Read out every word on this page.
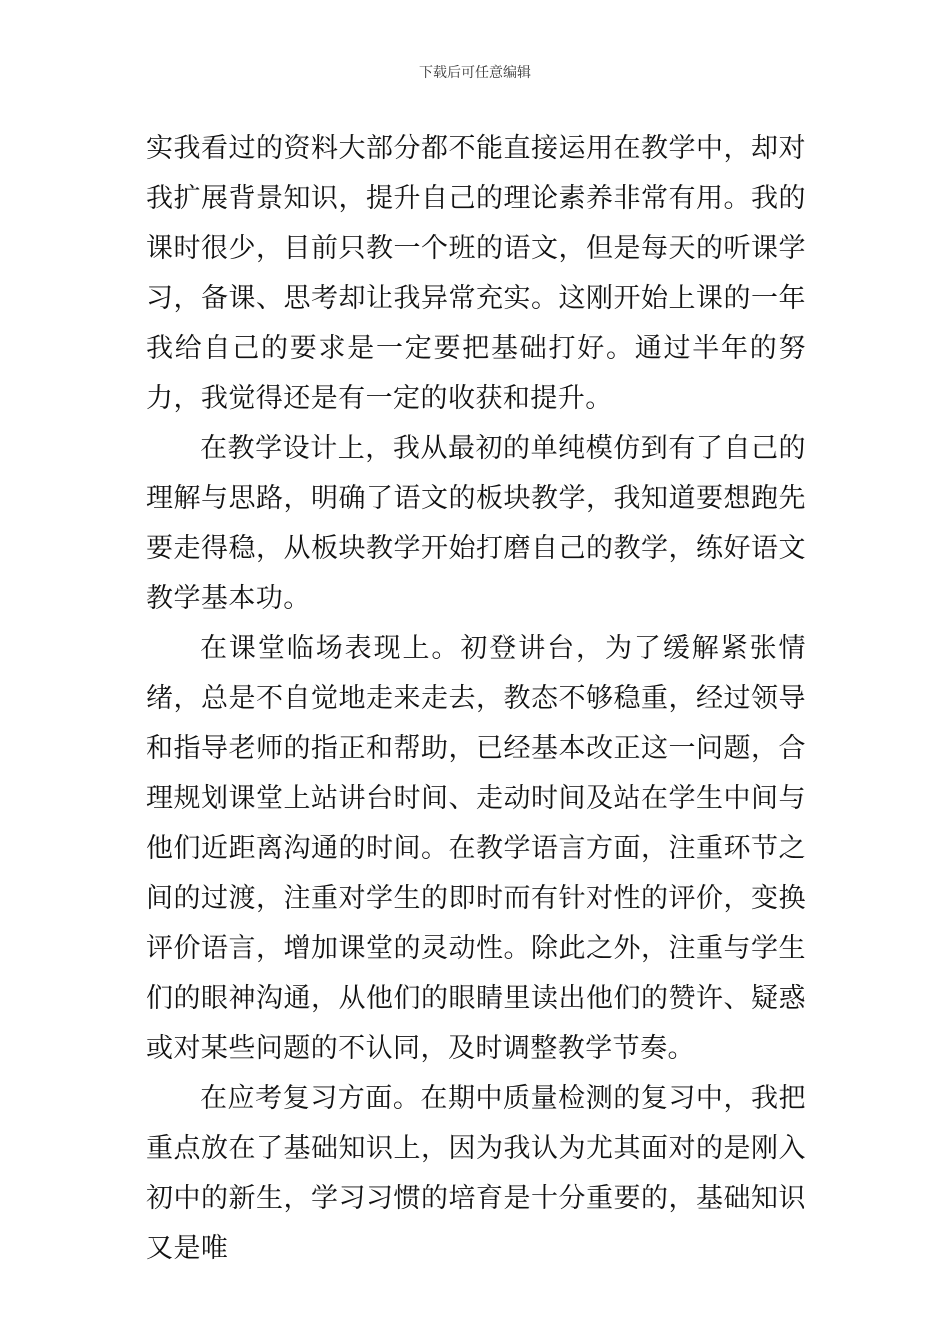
下载后可任意编辑

实我看过的资料大部分都不能直接运用在教学中，却对我扩展背景知识，提升自己的理论素养非常有用。我的课时很少，目前只教一个班的语文，但是每天的听课学习，备课、思考却让我异常充实。这刚开始上课的一年我给自己的要求是一定要把基础打好。通过半年的努力，我觉得还是有一定的收获和提升。

在教学设计上，我从最初的单纯模仿到有了自己的理解与思路，明确了语文的板块教学，我知道要想跑先要走得稳，从板块教学开始打磨自己的教学，练好语文教学基本功。

在课堂临场表现上。初登讲台，为了缓解紧张情绪，总是不自觉地走来走去，教态不够稳重，经过领导和指导老师的指正和帮助，已经基本改正这一问题，合理规划课堂上站讲台时间、走动时间及站在学生中间与他们近距离沟通的时间。在教学语言方面，注重环节之间的过渡，注重对学生的即时而有针对性的评价，变换评价语言，增加课堂的灵动性。除此之外，注重与学生们的眼神沟通，从他们的眼睛里读出他们的赞许、疑惑或对某些问题的不认同，及时调整教学节奏。

在应考复习方面。在期中质量检测的复习中，我把重点放在了基础知识上，因为我认为尤其面对的是刚入初中的新生，学习习惯的培育是十分重要的，基础知识又是唯
